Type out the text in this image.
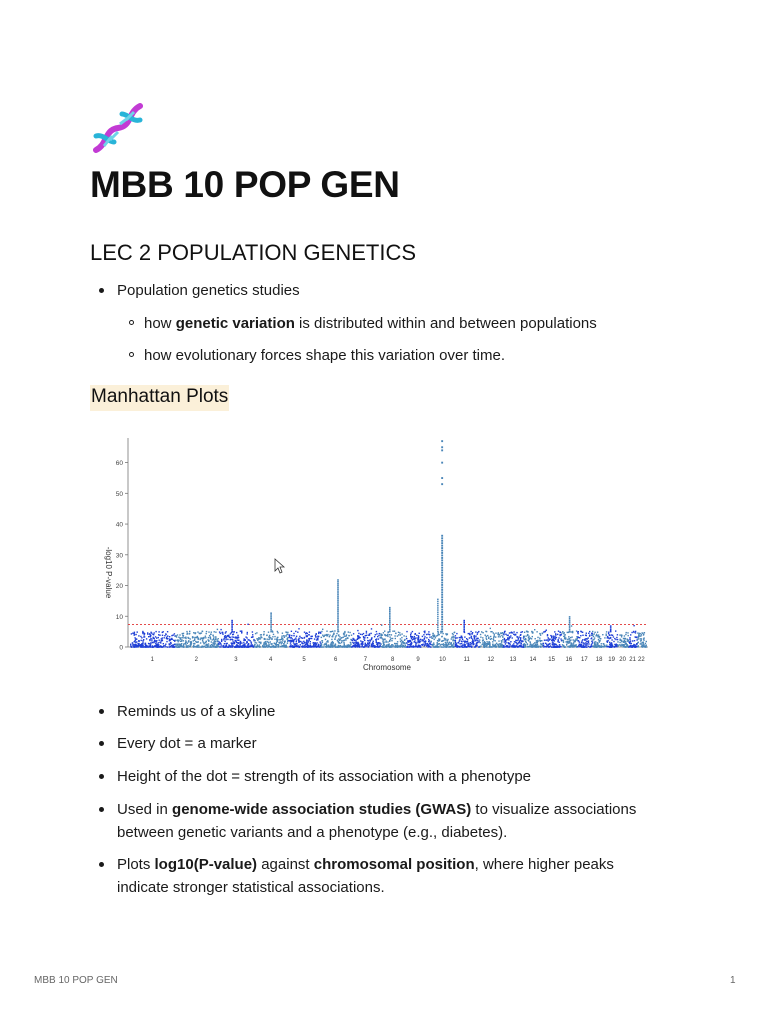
MBB 10 POP GEN
LEC 2 POPULATION GENETICS
Population genetics studies
how genetic variation is distributed within and between populations
how evolutionary forces shape this variation over time.
Manhattan Plots
0
10
20
30
40
50
60
-log10 P-value
Chromosome
1	2	3	4	5	6	7	8	9	10	11	12	13 14 15 16 17 18 19 20 21 22
Reminds us of a skyline
Every dot = a marker
Height of the dot = strength of its association with a phenotype
Used in genome-wide association studies (GWAS) to visualize associations
between genetic variants and a phenotype (e.g., diabetes).
Plots log10(P-value) against chromosomal position, where higher peaks
indicate stronger statistical associations.
MBB 10 POP GEN	1
